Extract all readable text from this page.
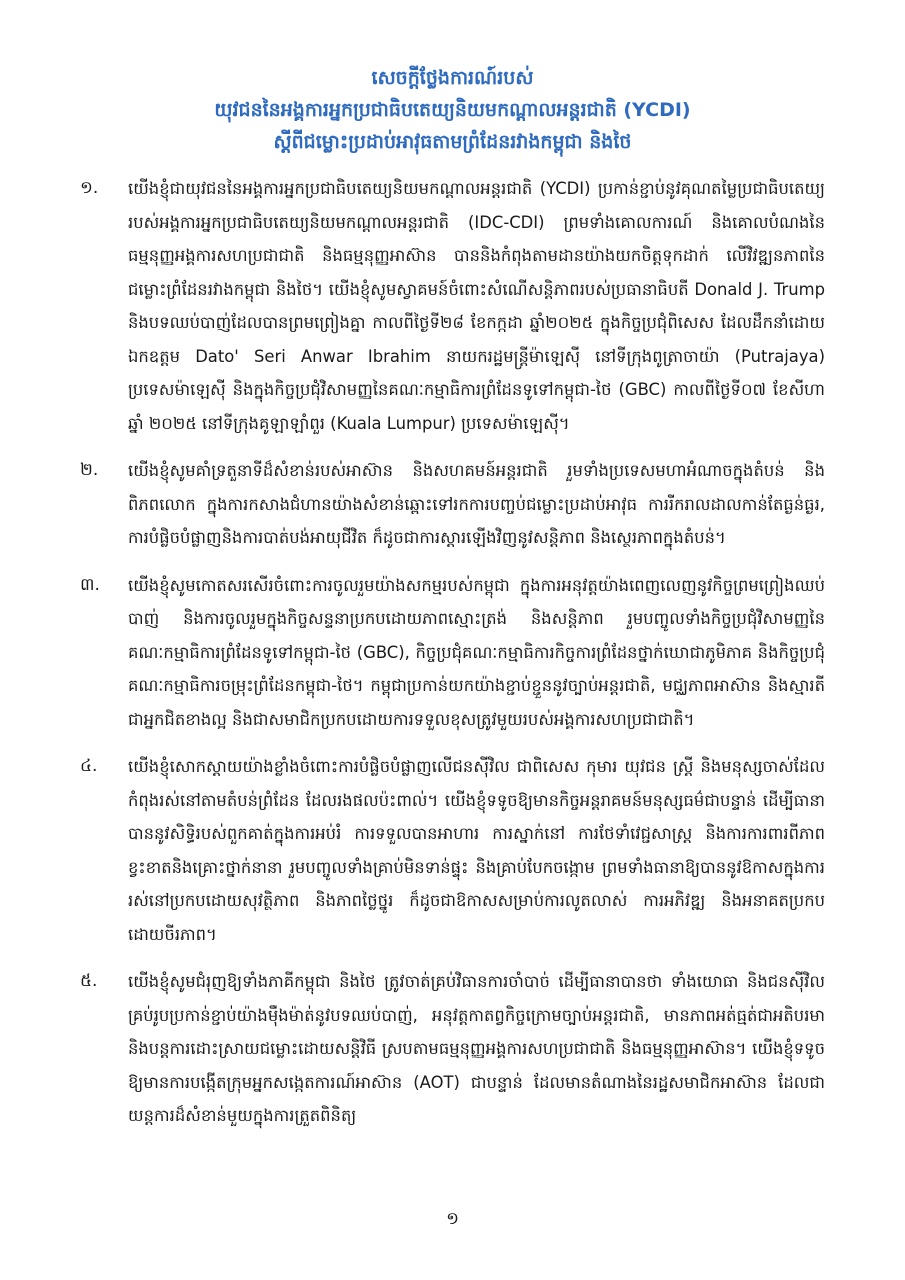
សេចក្ដីថ្លែងការណ៍របស់
យុវជននៃអង្គការអ្នកប្រជាធិបតេយ្យនិយមកណ្ដាលអន្តរជាតិ (YCDI)
ស្ដីពីជម្លោះប្រដាប់អាវុធតាមព្រំដែនរវាងកម្ពុជា និងថៃ
១.	យើងខ្ញុំជាយុវជននៃអង្គការអ្នកប្រជាធិបតេយ្យនិយមកណ្ដាលអន្តរជាតិ (YCDI) ប្រកាន់ខ្ជាប់នូវគុណតម្លៃប្រជាធិបតេយ្យរបស់អង្គការអ្នកប្រជាធិបតេយ្យនិយមកណ្ដាលអន្តរជាតិ (IDC-CDI) ព្រមទាំងគោលការណ៍ និងគោលបំណងនៃធម្មនុញ្ញអង្គការសហប្រជាជាតិ និងធម្មនុញ្ញអាស៊ាន បាននិងកំពុងតាមដានយ៉ាងយកចិត្តទុកដាក់ លើវិវឌ្ឍនភាពនៃជម្លោះព្រំដែនរវាងកម្ពុជា និងថៃ។ យើងខ្ញុំសូមស្វាគមន៍ចំពោះសំណើសន្តិភាពរបស់ប្រធានាធិបតី Donald J. Trump និងបទឈប់បាញ់ដែលបានព្រមព្រៀងគ្នា កាលពីថ្ងៃទី២៨ ខែកក្កដា ឆ្នាំ២០២៥ ក្នុងកិច្ចប្រជុំពិសេស ដែលដឹកនាំដោយ ឯកឧត្តម Dato' Seri Anwar Ibrahim នាយករដ្ឋមន្ត្រីម៉ាឡេស៊ី នៅទីក្រុងពូត្រាចាយ៉ា (Putrajaya) ប្រទេសម៉ាឡេស៊ី និងក្នុងកិច្ចប្រជុំវិសាមញ្ញនៃគណៈកម្មាធិការព្រំដែនទូទៅកម្ពុជា-ថៃ (GBC) កាលពីថ្ងៃទី០៧ ខែសីហា ឆ្នាំ ២០២៥ នៅទីក្រុងគូឡាឡាំពួរ (Kuala Lumpur) ប្រទេសម៉ាឡេស៊ី។
២.	យើងខ្ញុំសូមគាំទ្រតួនាទីដ៏សំខាន់របស់អាស៊ាន និងសហគមន៍អន្តរជាតិ រួមទាំងប្រទេសមហាអំណាចក្នុងតំបន់ និងពិភពលោក ក្នុងការកសាងជំហានយ៉ាងសំខាន់ឆ្ពោះទៅរកការបញ្ចប់ជម្លោះប្រដាប់អាវុធ ការរីករាលដាលកាន់តែធ្ងន់ធ្ងរ, ការបំផ្លិចបំផ្លាញនិងការបាត់បង់អាយុជីវិត ក៏ដូចជាការស្ដារឡើងវិញនូវសន្តិភាព និងស្ថេរភាពក្នុងតំបន់។
៣.	យើងខ្ញុំសូមកោតសរសើរចំពោះការចូលរួមយ៉ាងសកម្មរបស់កម្ពុជា ក្នុងការអនុវត្តយ៉ាងពេញលេញនូវកិច្ចព្រមព្រៀងឈប់បាញ់ និងការចូលរួមក្នុងកិច្ចសន្ទនាប្រកបដោយភាពស្មោះត្រង់ និងសន្តិភាព រួមបញ្ចូលទាំងកិច្ចប្រជុំវិសាមញ្ញនៃគណៈកម្មាធិការព្រំដែនទូទៅកម្ពុជា-ថៃ (GBC), កិច្ចប្រជុំគណៈកម្មាធិការកិច្ចការព្រំដែនថ្នាក់ឃោជាភូមិភាគ និងកិច្ចប្រជុំគណៈកម្មាធិការចម្រុះព្រំដែនកម្ពុជា-ថៃ។ កម្ពុជាប្រកាន់យកយ៉ាងខ្ជាប់ខ្ជួននូវច្បាប់អន្តរជាតិ, មជ្ឈភាពអាស៊ាន និងស្មារតីជាអ្នកជិតខាងល្អ និងជាសមាជិកប្រកបដោយការទទួលខុសត្រូវមួយរបស់អង្គការសហប្រជាជាតិ។
៤.	យើងខ្ញុំសោកស្ដាយយ៉ាងខ្លាំងចំពោះការបំផ្លិចបំផ្លាញលើជនស៊ីវិល ជាពិសេស កុមារ យុវជន ស្ត្រី និងមនុស្សចាស់ដែលកំពុងរស់នៅតាមតំបន់ព្រំដែន ដែលរងផលប៉ះពាល់។ យើងខ្ញុំទទូចឱ្យមានកិច្ចអន្តរាគមន៍មនុស្សធម៌ជាបន្ទាន់ ដើម្បីធានាបាននូវសិទ្ធិរបស់ពួកគាត់ក្នុងការអប់រំ ការទទួលបានអាហារ ការស្នាក់នៅ ការថែទាំវេជ្ជសាស្ត្រ និងការការពារពីភាពខ្វះខាតនិងគ្រោះថ្នាក់នានា រួមបញ្ចូលទាំងគ្រាប់មិនទាន់ផ្ទុះ និងគ្រាប់បែកចង្កោម ព្រមទាំងធានាឱ្យបាននូវឱកាសក្នុងការរស់នៅប្រកបដោយសុវត្ថិភាព និងភាពថ្លៃថ្នូរ ក៏ដូចជាឱកាសសម្រាប់ការលូតលាស់ ការអភិវឌ្ឍ និងអនាគតប្រកបដោយចីរភាព។
៥.	យើងខ្ញុំសូមជំរុញឱ្យទាំងភាគីកម្ពុជា និងថៃ ត្រូវចាត់គ្រប់វិធានការចាំបាច់ ដើម្បីធានាបានថា ទាំងយោធា និងជនស៊ីវិលគ្រប់រូបប្រកាន់ខ្ជាប់យ៉ាងម៉ឺងម៉ាត់នូវបទឈប់បាញ់, អនុវត្តកាតព្វកិច្ចក្រោមច្បាប់អន្តរជាតិ, មានភាពអត់ធ្មត់ជាអតិបរមា និងបន្តការដោះស្រាយជម្លោះដោយសន្តិវិធី ស្របតាមធម្មនុញ្ញអង្គការសហប្រជាជាតិ និងធម្មនុញ្ញអាស៊ាន។ យើងខ្ញុំទទូចឱ្យមានការបង្កើតក្រុមអ្នកសង្កេតការណ៍អាស៊ាន (AOT) ជាបន្ទាន់ ដែលមានតំណាងនៃរដ្ឋសមាជិកអាស៊ាន ដែលជាយន្តការដ៏សំខាន់មួយក្នុងការត្រួតពិនិត្យ
១
